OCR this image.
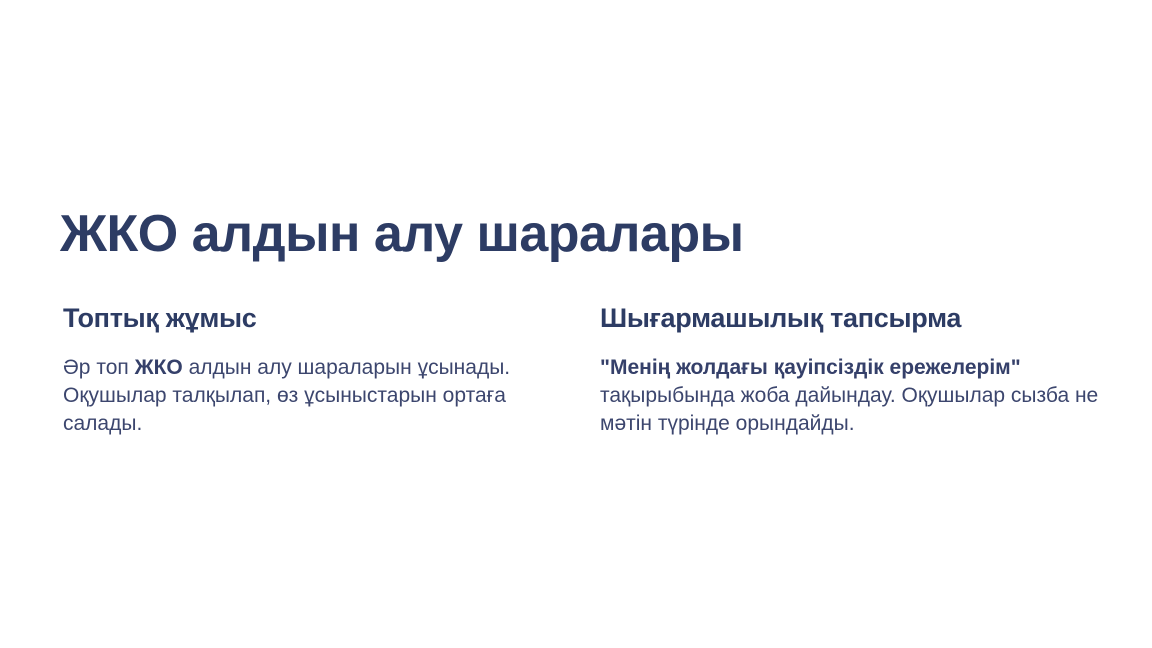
ЖКО алдын алу шаралары
Топтық жұмыс
Әр топ ЖКО алдын алу шараларын ұсынады.
Оқушылар талқылап, өз ұсыныстарын ортаға
салады.
Шығармашылық тапсырма
"Менің жолдағы қауіпсіздік ережелерім"
тақырыбында жоба дайындау. Оқушылар сызба не
мәтін түрінде орындайды.
